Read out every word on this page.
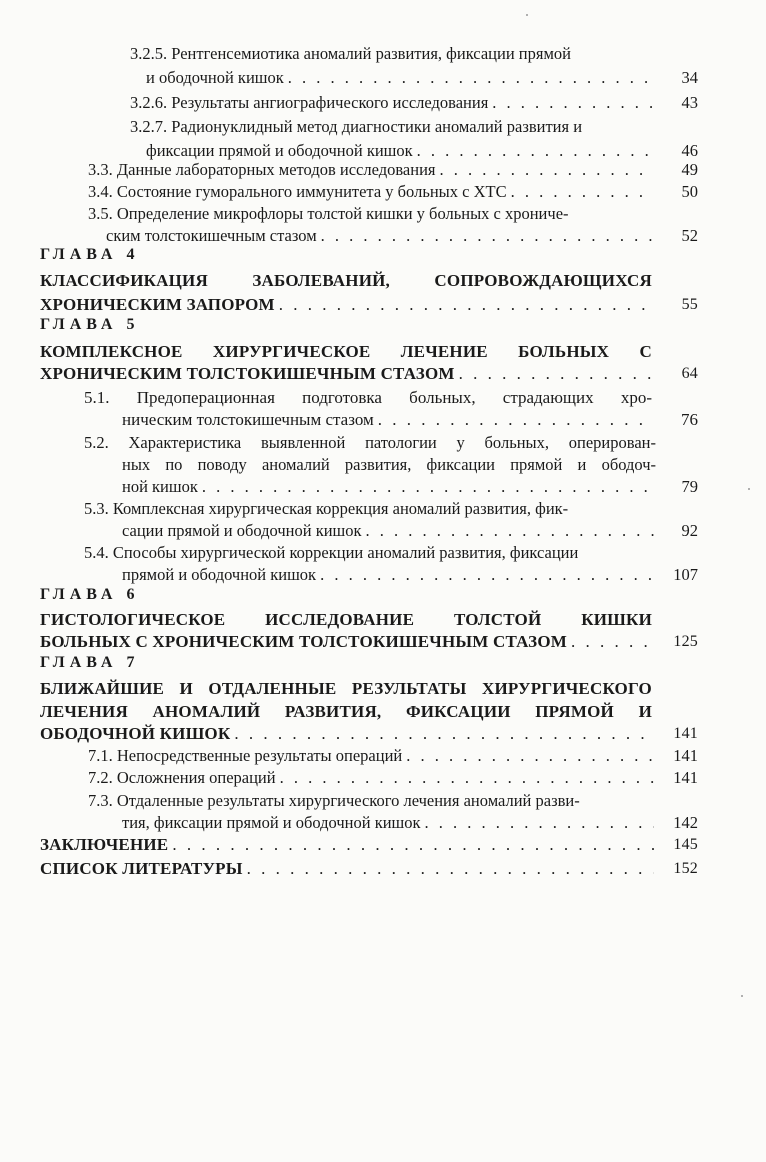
3.2.5. Рентгенсемиотика аномалий развития, фиксации прямой
и ободочной кишок . . .	34
3.2.6. Результаты ангиографического исследования . . .	43
3.2.7. Радионуклидный метод диагностики аномалий развития и
фиксации прямой и ободочной кишок . . .	46
3.3. Данные лабораторных методов исследования . . .	49
3.4. Состояние гуморального иммунитета у больных с ХТС . . .	50
3.5. Определение микрофлоры толстой кишки у больных с хрониче-
ским толстокишечным стазом . . .	52
ГЛАВА 4
КЛАССИФИКАЦИЯ ЗАБОЛЕВАНИЙ, СОПРОВОЖДАЮЩИХСЯ
ХРОНИЧЕСКИМ ЗАПОРОМ . . .	55
ГЛАВА 5
КОМПЛЕКСНОЕ ХИРУРГИЧЕСКОЕ ЛЕЧЕНИЕ БОЛЬНЫХ С
ХРОНИЧЕСКИМ ТОЛСТОКИШЕЧНЫМ СТАЗОМ . . .	64
5.1. Предоперационная подготовка больных, страдающих хро-
ническим толстокишечным стазом . . .	76
5.2. Характеристика выявленной патологии у больных, оперирован-
ных по поводу аномалий развития, фиксации прямой и ободоч-
ной кишок . . .	79
5.3. Комплексная хирургическая коррекция аномалий развития, фик-
сации прямой и ободочной кишок . . .	92
5.4. Способы хирургической коррекции аномалий развития, фиксации
прямой и ободочной кишок . . .	107
ГЛАВА 6
ГИСТОЛОГИЧЕСКОЕ ИССЛЕДОВАНИЕ ТОЛСТОЙ КИШКИ
БОЛЬНЫХ С ХРОНИЧЕСКИМ ТОЛСТОКИШЕЧНЫМ СТАЗОМ . . .	125
ГЛАВА 7
БЛИЖАЙШИЕ И ОТДАЛЕННЫЕ РЕЗУЛЬТАТЫ ХИРУРГИЧЕСКОГО
ЛЕЧЕНИЯ АНОМАЛИЙ РАЗВИТИЯ, ФИКСАЦИИ ПРЯМОЙ И
ОБОДОЧНОЙ КИШОК . . .	141
7.1. Непосредственные результаты операций . . .	141
7.2. Осложнения операций . . .	141
7.3. Отдаленные результаты хирургического лечения аномалий разви-
тия, фиксации прямой и ободочной кишок . . .	142
ЗАКЛЮЧЕНИЕ . . .	145
СПИСОК ЛИТЕРАТУРЫ . . .	152
